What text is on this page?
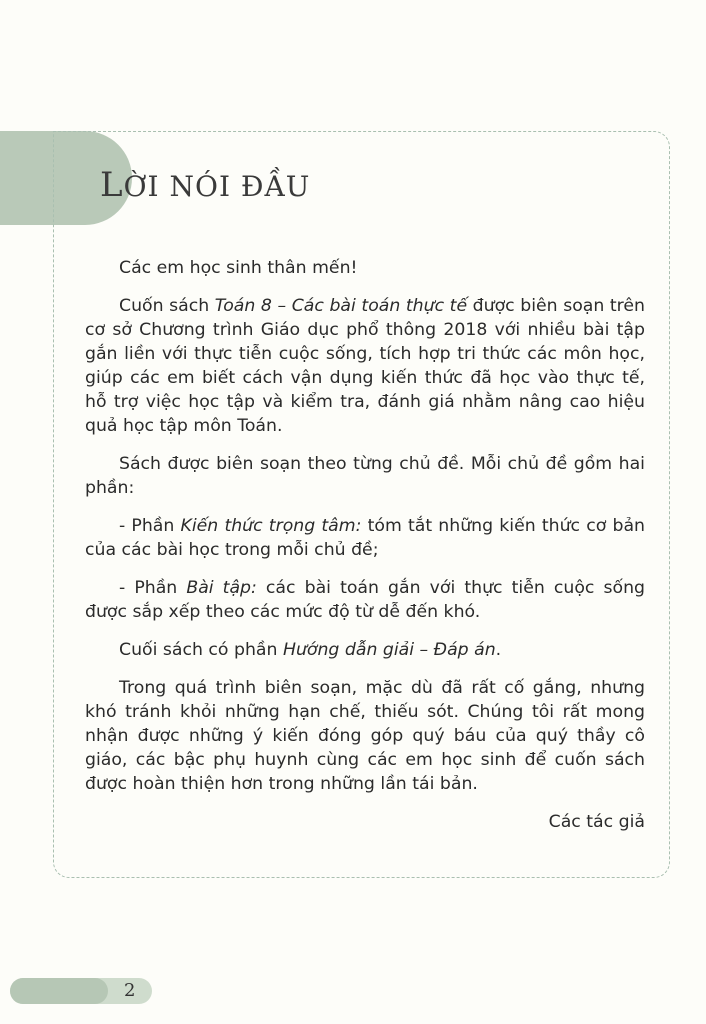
LỜI NÓI ĐẦU

Các em học sinh thân mến!

Cuốn sách Toán 8 – Các bài toán thực tế được biên soạn trên cơ sở Chương trình Giáo dục phổ thông 2018 với nhiều bài tập gắn liền với thực tiễn cuộc sống, tích hợp tri thức các môn học, giúp các em biết cách vận dụng kiến thức đã học vào thực tế, hỗ trợ việc học tập và kiểm tra, đánh giá nhằm nâng cao hiệu quả học tập môn Toán.

Sách được biên soạn theo từng chủ đề. Mỗi chủ đề gồm hai phần:

- Phần Kiến thức trọng tâm: tóm tắt những kiến thức cơ bản của các bài học trong mỗi chủ đề;

- Phần Bài tập: các bài toán gắn với thực tiễn cuộc sống được sắp xếp theo các mức độ từ dễ đến khó.

Cuối sách có phần Hướng dẫn giải – Đáp án.

Trong quá trình biên soạn, mặc dù đã rất cố gắng, nhưng khó tránh khỏi những hạn chế, thiếu sót. Chúng tôi rất mong nhận được những ý kiến đóng góp quý báu của quý thầy cô giáo, các bậc phụ huynh cùng các em học sinh để cuốn sách được hoàn thiện hơn trong những lần tái bản.

Các tác giả

2
